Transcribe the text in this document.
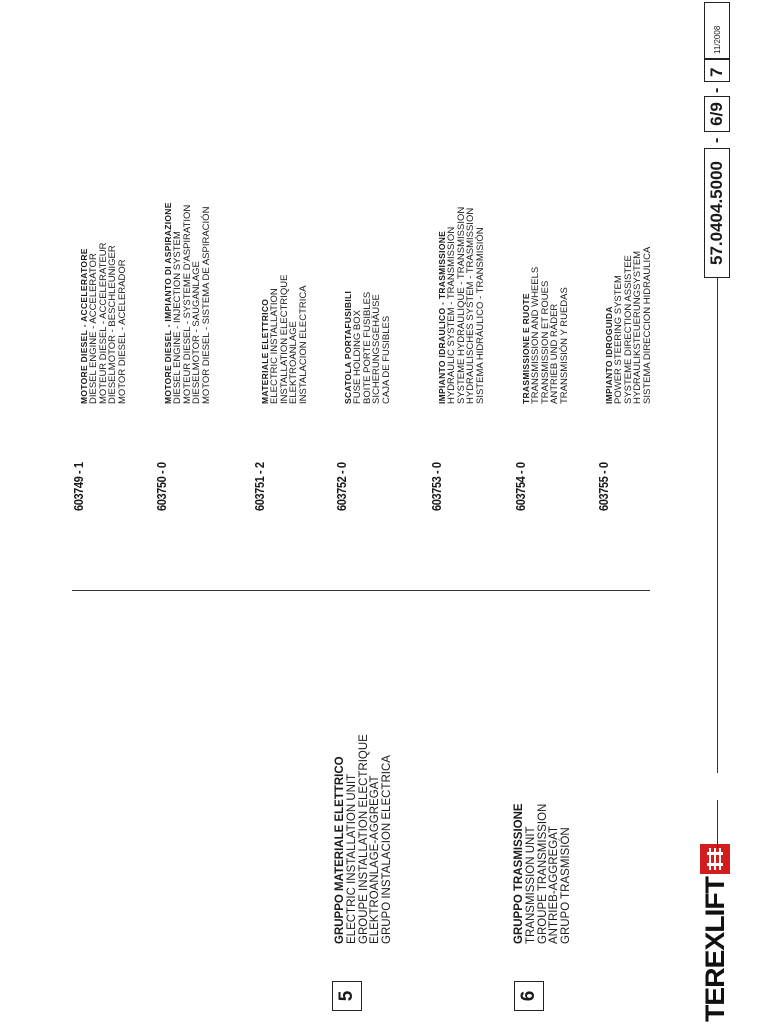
TEREXLIFT
57.0404.5000
-
6/9
-
7
11/2008
5
GRUPPO MATERIALE ELETTRICO ELECTRIC INSTALLATION UNIT GROUPE INSTALLATION ELECTRIQUE ELEKTROANLAGE-AGGREGAT GRUPO INSTALACION ELECTRICA
6
GRUPPO TRASMISSIONE TRANSMISSION UNIT GROUPE TRANSMISSION ANTRIEB-AGGREGAT GRUPO TRASMISIÓN
603749 - 1
MOTORE DIESEL - ACCELERATORE DIESEL ENGINE - ACCELERATOR
MOTEUR DIESEL - ACCELERATEUR
DIESELMOTOR - BESCHLEUNIGER
MOTOR DIESEL - ACELERADOR
603750 - 0
MOTORE DIESEL - IMPIANTO DI ASPIRAZIONE DIESEL ENGINE - INJECTION SYSTEM
MOTEUR DIESEL - SYSTEME D'ASPIRATION
DIESELMOTOR - SAUGANLAGE
MOTOR DIESEL - SISTEMA DE ASPIRACIÓN
603751 - 2
MATERIALE ELETTRICO ELECTRIC INSTALLATION
INSTALLATION ELECTRIQUE
ELEKTROANLAGE
INSTALACION ELECTRICA
603752 - 0
SCATOLA PORTAFUSIBILI FUSE HOLDING BOX
BOITE PORTE FUSIBLES
SICHERUNGSGEHÄUSE
CAJA DE FUSIBLES
603753 - 0
IMPIANTO IDRAULICO - TRASMISSIONE HYDRAULIC SYSTEM - TRANSMISSION
SYSTEME HYDRAULIQUE - TRANSMISSION
HYDRAULISCHES SYSTEM - TRASMISSION
SISTEMA HIDRÁULICO - TRANSMISIÓN
603754 - 0
TRASMISSIONE E RUOTE TRANSMISSION AND WHEELS
TRANSMISSION ET ROUES
ANTRIEB UND RÄDER
TRANSMISIÓN Y RUEDAS
603755 - 0
IMPIANTO IDROGUIDA POWER STEERING SYSTEM
SYSTEME DIRECTION ASSISTEE
HYDRAULIKSTEUERUNGSYSTEM
SISTEMA DIRECCION HIDRAULICA
